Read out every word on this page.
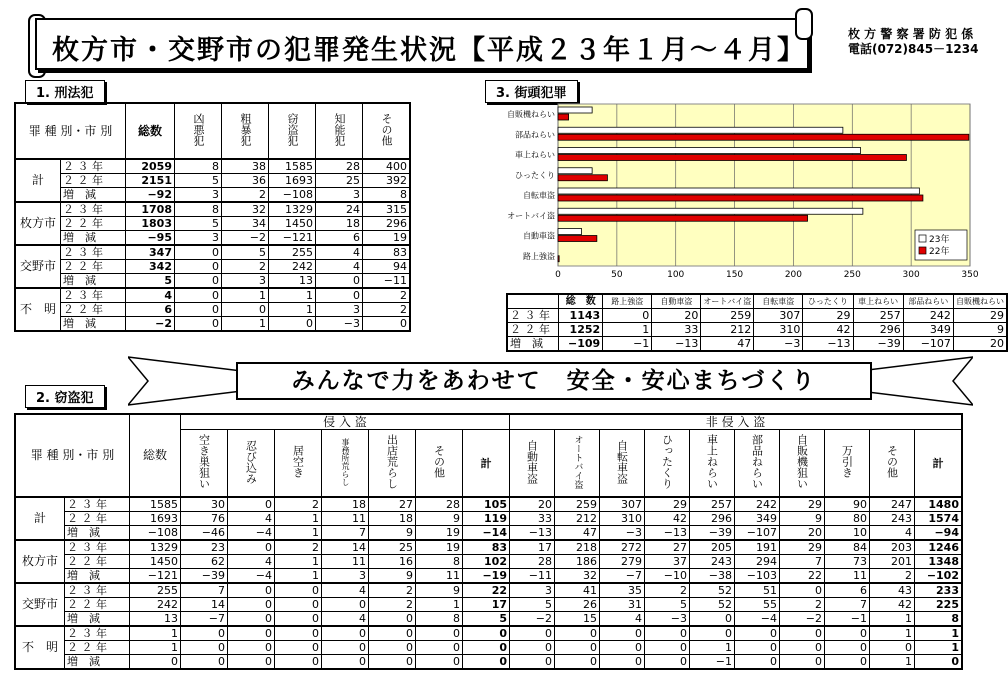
枚方市・交野市の犯罪発生状況【平成２３年１月～４月】
枚 方 警 察 署 防 犯 係
電話(072)845－1234
1. 刑法犯
罪 種 別・市 別		総数	凶悪犯	粗暴犯	窃盗犯	知能犯	その他
計	２ ３ 年	2059	8	38	1585	28	400
	２ ２ 年	2151	5	36	1693	25	392
	増　減	−92	3	2	−108	3	8
枚方市	２ ３ 年	1708	8	32	1329	24	315
	２ ２ 年	1803	5	34	1450	18	296
	増　減	−95	3	−2	−121	6	19
交野市	２ ３ 年	347	0	5	255	4	83
	２ ２ 年	342	0	2	242	4	94
	増　減	5	0	3	13	0	−11
不　明	２ ３ 年	4	0	1	1	0	2
	２ ２ 年	6	0	0	1	3	2
	増　減	−2	0	1	0	−3	0
3. 街頭犯罪
0	50	100	150	200	250	300	350
自販機ねらい
部品ねらい
車上ねらい
ひったくり
自転車盗
オートバイ盗
自動車盗
路上強盗
23年
22年
	総　数	路上強盗	自動車盗	オートバイ盗	自転車盗	ひったくり	車上ねらい	部品ねらい	自販機ねらい
２ ３ 年	1143	0	20	259	307	29	257	242	29
２ ２ 年	1252	1	33	212	310	42	296	349	9
増　減	−109	−1	−13	47	−3	−13	−39	−107	20
みんなで力をあわせて　安全・安心まちづくり
2. 窃盗犯
罪 種 別・市 別		総数	侵 入 盗							非 侵 入 盗									
			空き巣狙い	忍び込み	居空き	事務所荒らし	出店荒らし	その他	計	自動車盗	オートバイ盗	自転車盗	ひったくり	車上ねらい	部品ねらい	自販機狙い	万引き	その他	計
計	２ ３ 年	1585	30	0	2	18	27	28	105	20	259	307	29	257	242	29	90	247	1480
	２ ２ 年	1693	76	4	1	11	18	9	119	33	212	310	42	296	349	9	80	243	1574
	増　減	−108	−46	−4	1	7	9	19	−14	−13	47	−3	−13	−39	−107	20	10	4	−94
枚方市	２ ３ 年	1329	23	0	2	14	25	19	83	17	218	272	27	205	191	29	84	203	1246
	２ ２ 年	1450	62	4	1	11	16	8	102	28	186	279	37	243	294	7	73	201	1348
	増　減	−121	−39	−4	1	3	9	11	−19	−11	32	−7	−10	−38	−103	22	11	2	−102
交野市	２ ３ 年	255	7	0	0	4	2	9	22	3	41	35	2	52	51	0	6	43	233
	２ ２ 年	242	14	0	0	0	2	1	17	5	26	31	5	52	55	2	7	42	225
	増　減	13	−7	0	0	4	0	8	5	−2	15	4	−3	0	−4	−2	−1	1	8
不　明	２ ３ 年	1	0	0	0	0	0	0	0	0	0	0	0	0	0	0	0	1	1
	２ ２ 年	1	0	0	0	0	0	0	0	0	0	0	0	1	0	0	0	0	1
	増　減	0	0	0	0	0	0	0	0	0	0	0	0	−1	0	0	0	1	0
